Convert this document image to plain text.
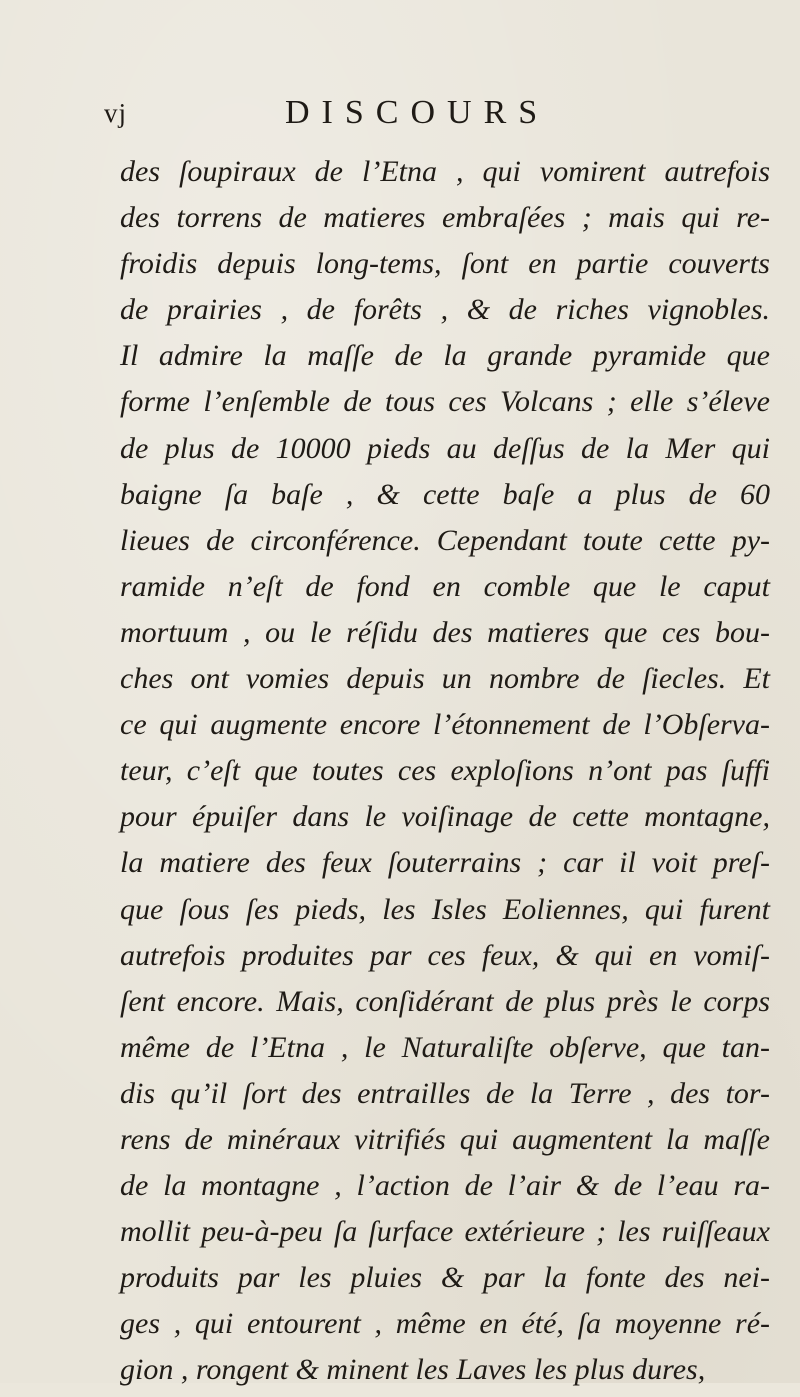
vj	DISCOURS
des ſoupiraux de l’Etna , qui vomirent autrefois
des torrens de matieres embraſées ; mais qui re-
froidis depuis long-tems, ſont en partie couverts
de prairies , de forêts , & de riches vignobles.
Il admire la maſſe de la grande pyramide que
forme l’enſemble de tous ces Volcans ; elle s’éleve
de plus de 10000 pieds au deſſus de la Mer qui
baigne ſa baſe , & cette baſe a plus de 60
lieues de circonférence. Cependant toute cette py-
ramide n’eſt de fond en comble que le caput
mortuum , ou le réſidu des matieres que ces bou-
ches ont vomies depuis un nombre de ſiecles. Et
ce qui augmente encore l’étonnement de l’Obſerva-
teur, c’eſt que toutes ces exploſions n’ont pas ſuffi
pour épuiſer dans le voiſinage de cette montagne,
la matiere des feux ſouterrains ; car il voit preſ-
que ſous ſes pieds, les Isles Eoliennes, qui furent
autrefois produites par ces feux, & qui en vomiſ-
ſent encore. Mais, conſidérant de plus près le corps
même de l’Etna , le Naturaliſte obſerve, que tan-
dis qu’il ſort des entrailles de la Terre , des tor-
rens de minéraux vitrifiés qui augmentent la maſſe
de la montagne , l’action de l’air & de l’eau ra-
mollit peu-à-peu ſa ſurface extérieure ; les ruiſſeaux
produits par les pluies & par la fonte des nei-
ges , qui entourent , même en été, ſa moyenne ré-
gion , rongent & minent les Laves les plus dures,
